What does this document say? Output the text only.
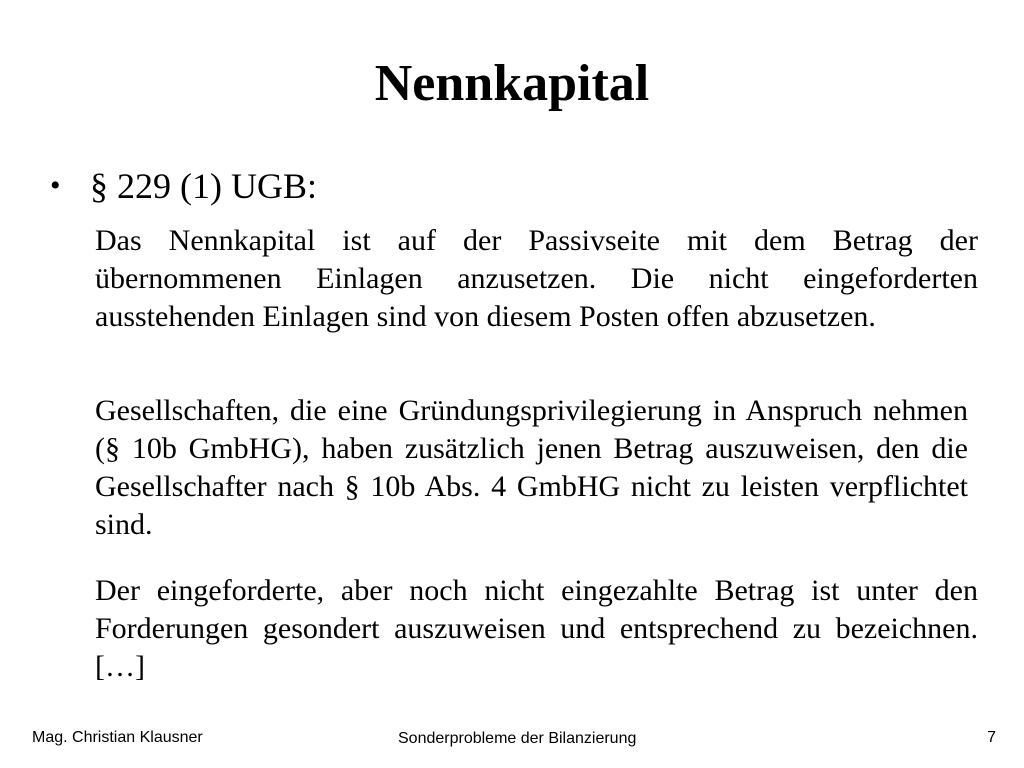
Nennkapital
• § 229 (1) UGB:

Das Nennkapital ist auf der Passivseite mit dem Betrag der übernommenen Einlagen anzusetzen. Die nicht eingeforderten ausstehenden Einlagen sind von diesem Posten offen abzusetzen.

Gesellschaften, die eine Gründungsprivilegierung in Anspruch nehmen (§ 10b GmbHG), haben zusätzlich jenen Betrag auszuweisen, den die Gesellschafter nach § 10b Abs. 4 GmbHG nicht zu leisten verpflichtet sind.

Der eingeforderte, aber noch nicht eingezahlte Betrag ist unter den Forderungen gesondert auszuweisen und entsprechend zu bezeichnen. […]

Mag. Christian Klausner	Sonderprobleme der Bilanzierung	7
